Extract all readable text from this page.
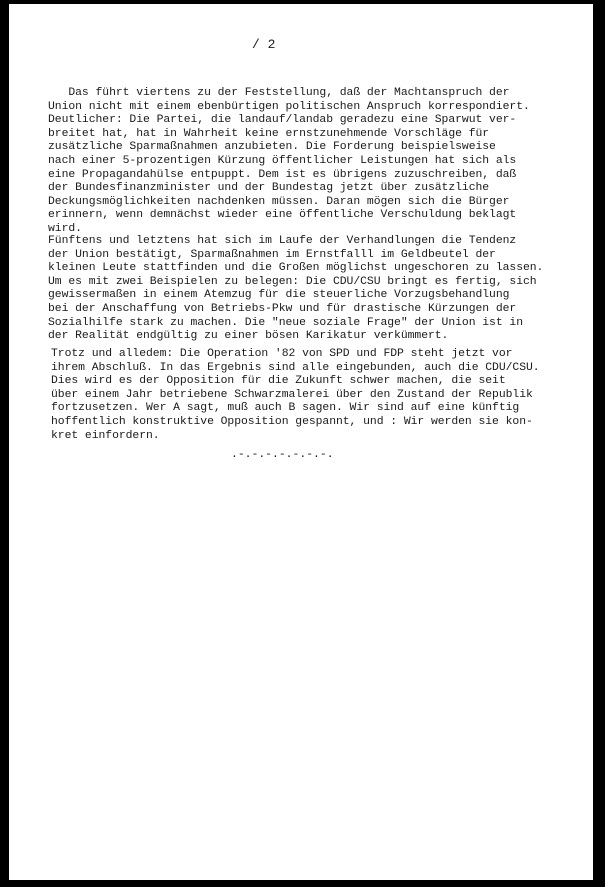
/ 2
Das führt viertens zu der Feststellung, daß der Machtanspruch der
Union nicht mit einem ebenbürtigen politischen Anspruch korrespondiert.
Deutlicher: Die Partei, die landauf/landab geradezu eine Sparwut ver-
breitet hat, hat in Wahrheit keine ernstzunehmende Vorschläge für
zusätzliche Sparmaßnahmen anzubieten. Die Forderung beispielsweise
nach einer 5-prozentigen Kürzung öffentlicher Leistungen hat sich als
eine Propagandahülse entpuppt. Dem ist es übrigens zuzuschreiben, daß
der Bundesfinanzminister und der Bundestag jetzt über zusätzliche
Deckungsmöglichkeiten nachdenken müssen. Daran mögen sich die Bürger
erinnern, wenn demnächst wieder eine öffentliche Verschuldung beklagt
wird.
Fünftens und letztens hat sich im Laufe der Verhandlungen die Tendenz
der Union bestätigt, Sparmaßnahmen im Ernstfalll im Geldbeutel der
kleinen Leute stattfinden und die Großen möglichst ungeschoren zu lassen.
Um es mit zwei Beispielen zu belegen: Die CDU/CSU bringt es fertig, sich
gewissermaßen in einem Atemzug für die steuerliche Vorzugsbehandlung
bei der Anschaffung von Betriebs-Pkw und für drastische Kürzungen der
Sozialhilfe stark zu machen. Die "neue soziale Frage" der Union ist in
der Realität endgültig zu einer bösen Karikatur verkümmert.
Trotz und alledem: Die Operation '82 von SPD und FDP steht jetzt vor
ihrem Abschluß. In das Ergebnis sind alle eingebunden, auch die CDU/CSU.
Dies wird es der Opposition für die Zukunft schwer machen, die seit
über einem Jahr betriebene Schwarzmalerei über den Zustand der Republik
fortzusetzen. Wer A sagt, muß auch B sagen. Wir sind auf eine künftig
hoffentlich konstruktive Opposition gespannt, und : Wir werden sie kon-
kret einfordern.
.-.-.-.-.-.-.-.
